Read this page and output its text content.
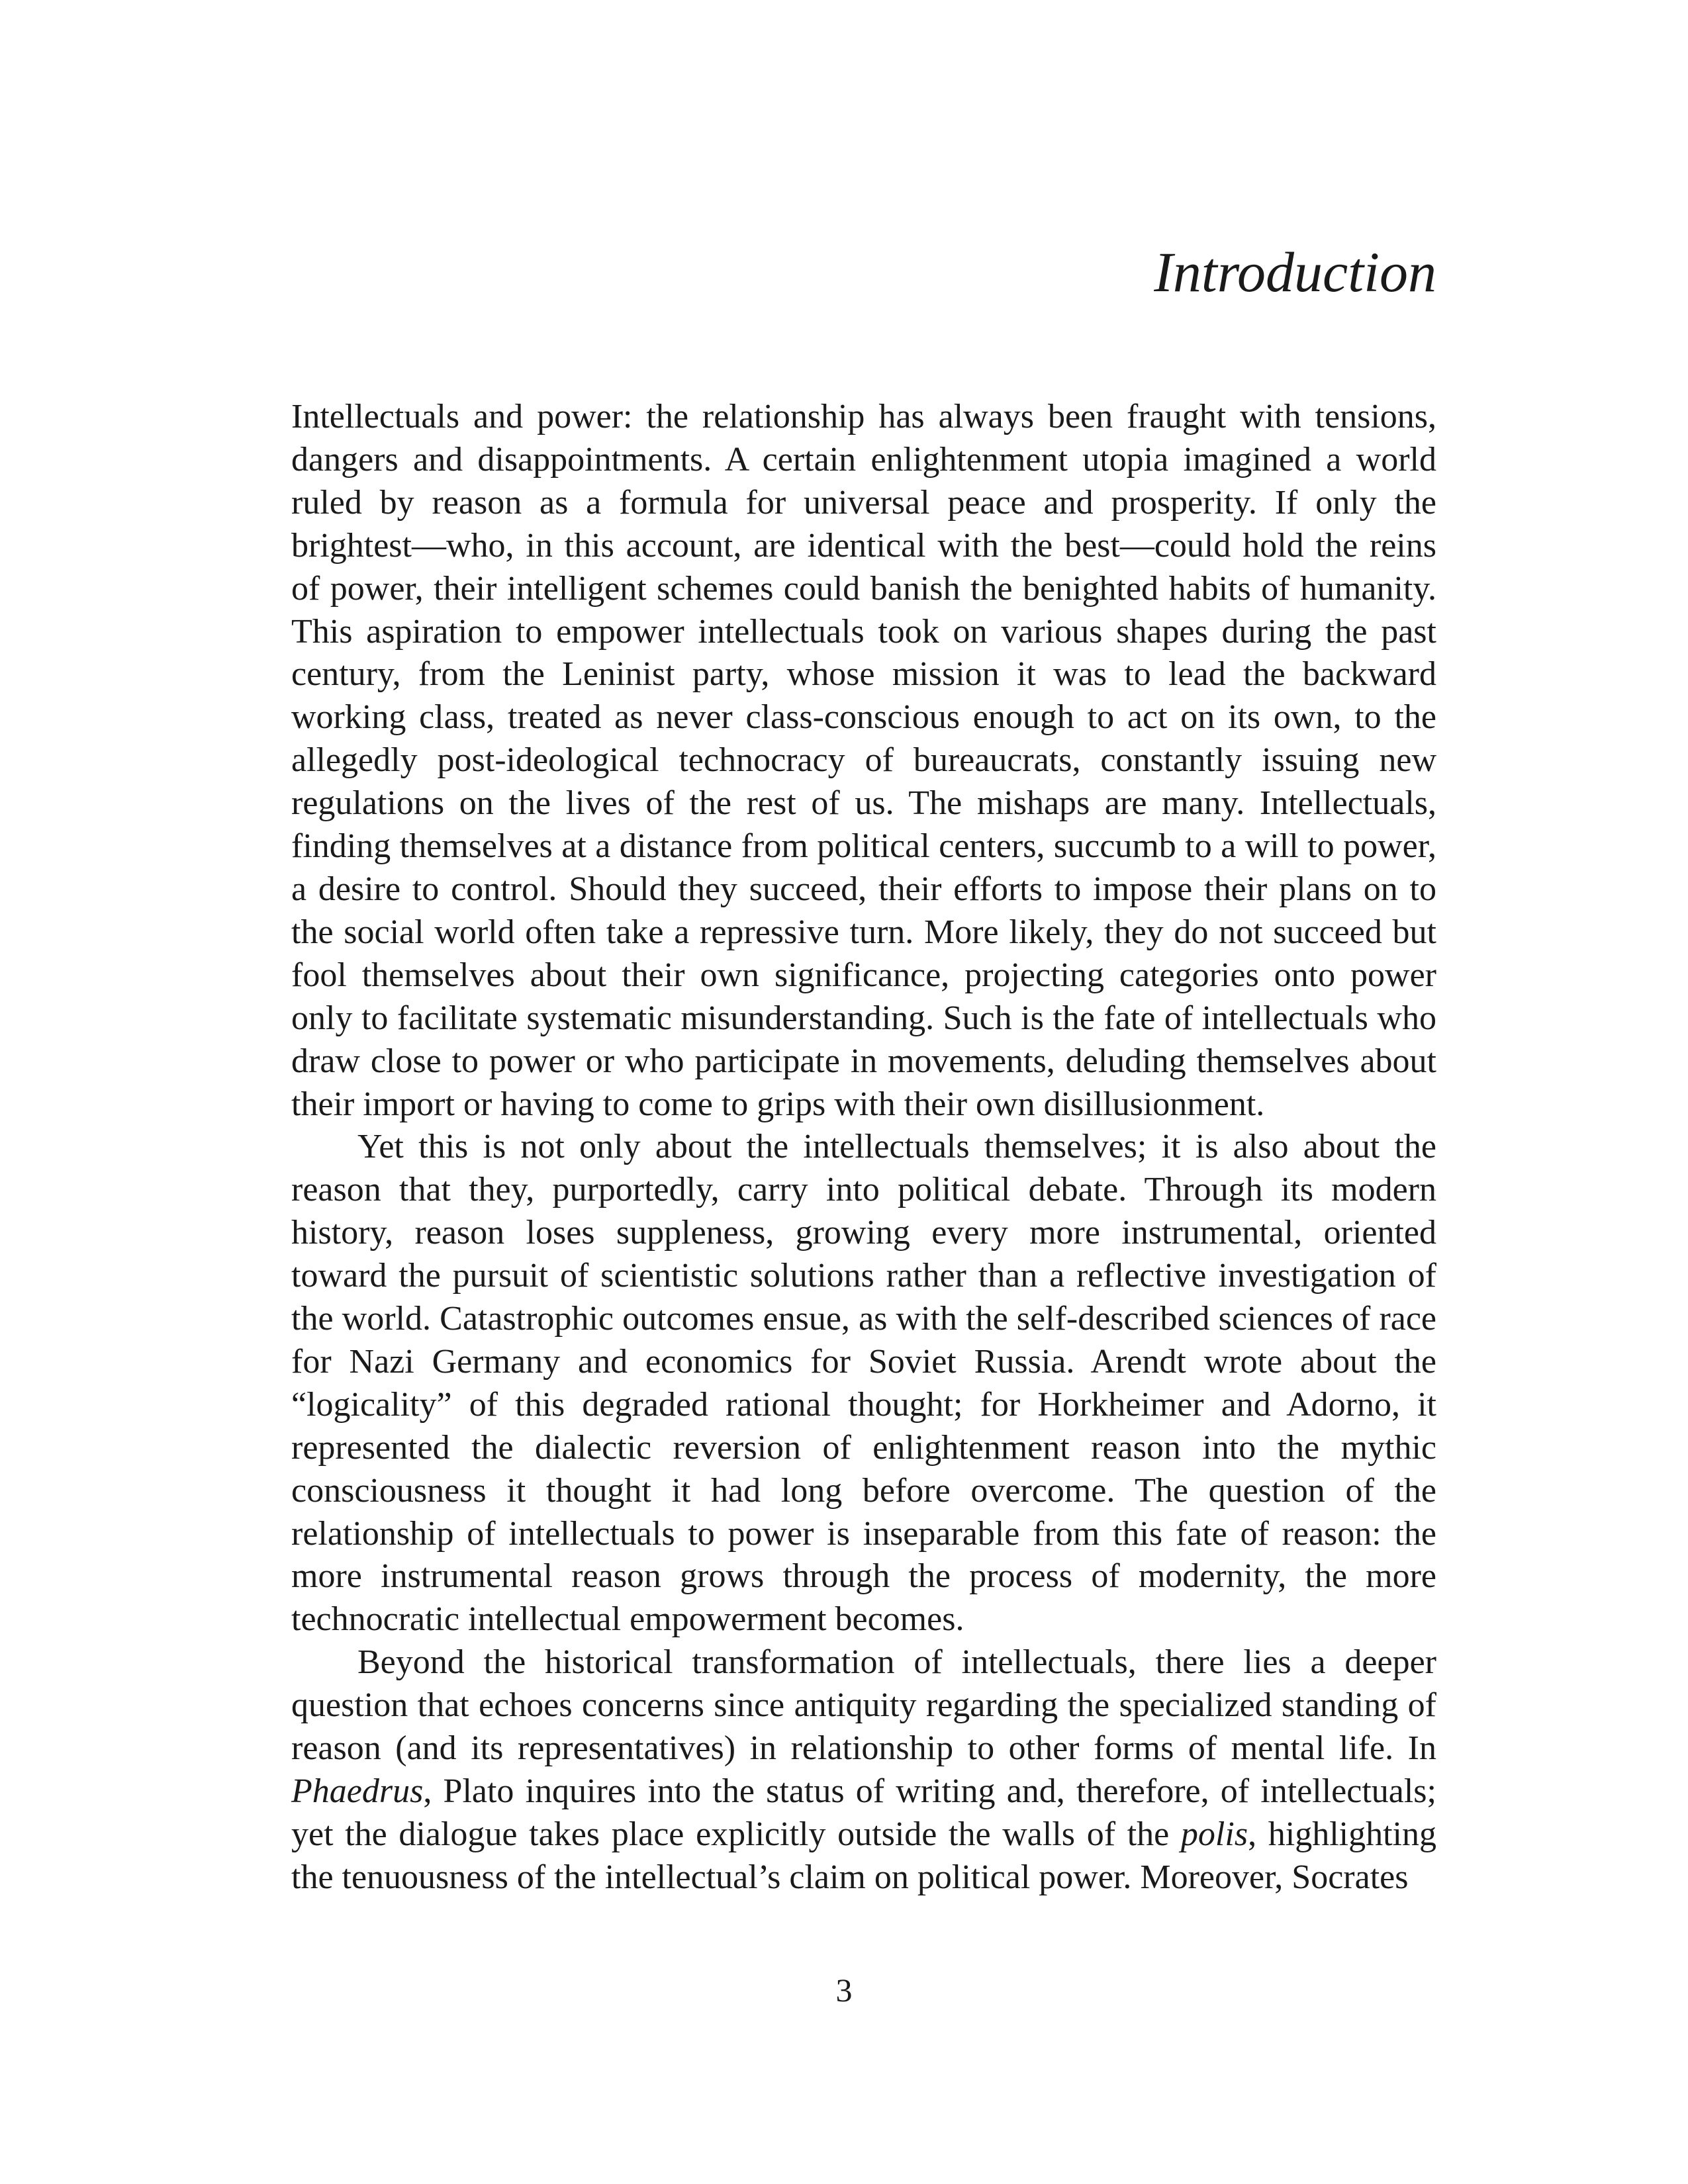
Introduction

Intellectuals and power: the relationship has always been fraught with tensions, dangers and disappointments. A certain enlightenment utopia imagined a world ruled by reason as a formula for universal peace and prosperity. If only the brightest—who, in this account, are identical with the best—could hold the reins of power, their intelligent schemes could banish the benighted habits of humanity. This aspiration to empower intellectuals took on various shapes during the past century, from the Leninist party, whose mission it was to lead the backward working class, treated as never class-conscious enough to act on its own, to the allegedly post-ideological technocracy of bureaucrats, constantly issuing new regulations on the lives of the rest of us. The mishaps are many. Intellectuals, finding themselves at a distance from political centers, succumb to a will to power, a desire to control. Should they succeed, their efforts to impose their plans on to the social world often take a repressive turn. More likely, they do not succeed but fool themselves about their own significance, projecting categories onto power only to facilitate systematic misunderstanding. Such is the fate of intellectuals who draw close to power or who participate in movements, deluding themselves about their import or having to come to grips with their own disillusionment.

Yet this is not only about the intellectuals themselves; it is also about the reason that they, purportedly, carry into political debate. Through its modern history, reason loses suppleness, growing every more instrumental, oriented toward the pursuit of scientistic solutions rather than a reflective investigation of the world. Catastrophic outcomes ensue, as with the self-described sciences of race for Nazi Germany and economics for Soviet Russia. Arendt wrote about the “logicality” of this degraded rational thought; for Horkheimer and Adorno, it represented the dialectic reversion of enlightenment reason into the mythic consciousness it thought it had long before overcome. The question of the relationship of intellectuals to power is inseparable from this fate of reason: the more instrumental reason grows through the process of modernity, the more technocratic intellectual empowerment becomes.

Beyond the historical transformation of intellectuals, there lies a deeper question that echoes concerns since antiquity regarding the specialized standing of reason (and its representatives) in relationship to other forms of mental life. In Phaedrus, Plato inquires into the status of writing and, therefore, of intellectuals; yet the dialogue takes place explicitly outside the walls of the polis, highlighting the tenuousness of the intellectual’s claim on political power. Moreover, Socrates

3
